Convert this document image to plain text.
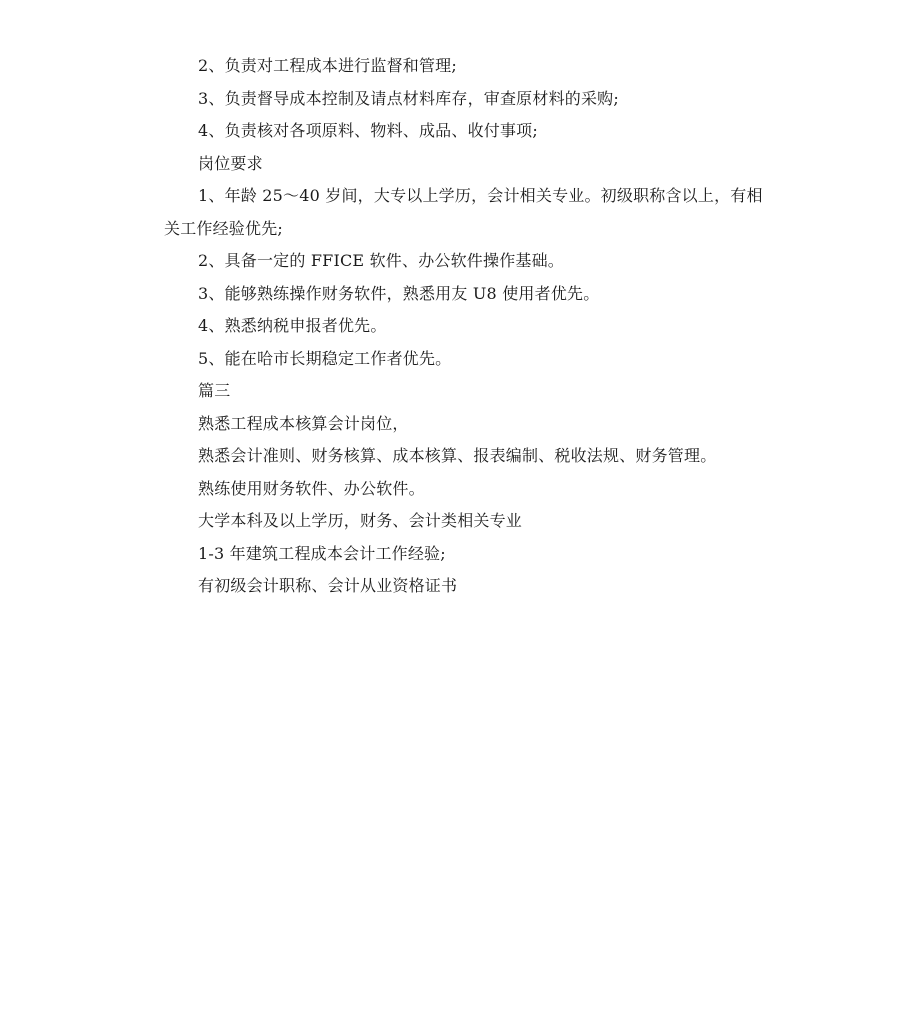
2、负责对工程成本进行监督和管理;

3、负责督导成本控制及请点材料库存，审查原材料的采购;

4、负责核对各项原料、物料、成品、收付事项;

岗位要求

1、年龄 25～40 岁间，大专以上学历，会计相关专业。初级职称含以上，有相关工作经验优先;

2、具备一定的 FFICE 软件、办公软件操作基础。

3、能够熟练操作财务软件，熟悉用友 U8 使用者优先。

4、熟悉纳税申报者优先。

5、能在哈市长期稳定工作者优先。

篇三

熟悉工程成本核算会计岗位，

熟悉会计准则、财务核算、成本核算、报表编制、税收法规、财务管理。

熟练使用财务软件、办公软件。

大学本科及以上学历，财务、会计类相关专业

1-3 年建筑工程成本会计工作经验;

有初级会计职称、会计从业资格证书
